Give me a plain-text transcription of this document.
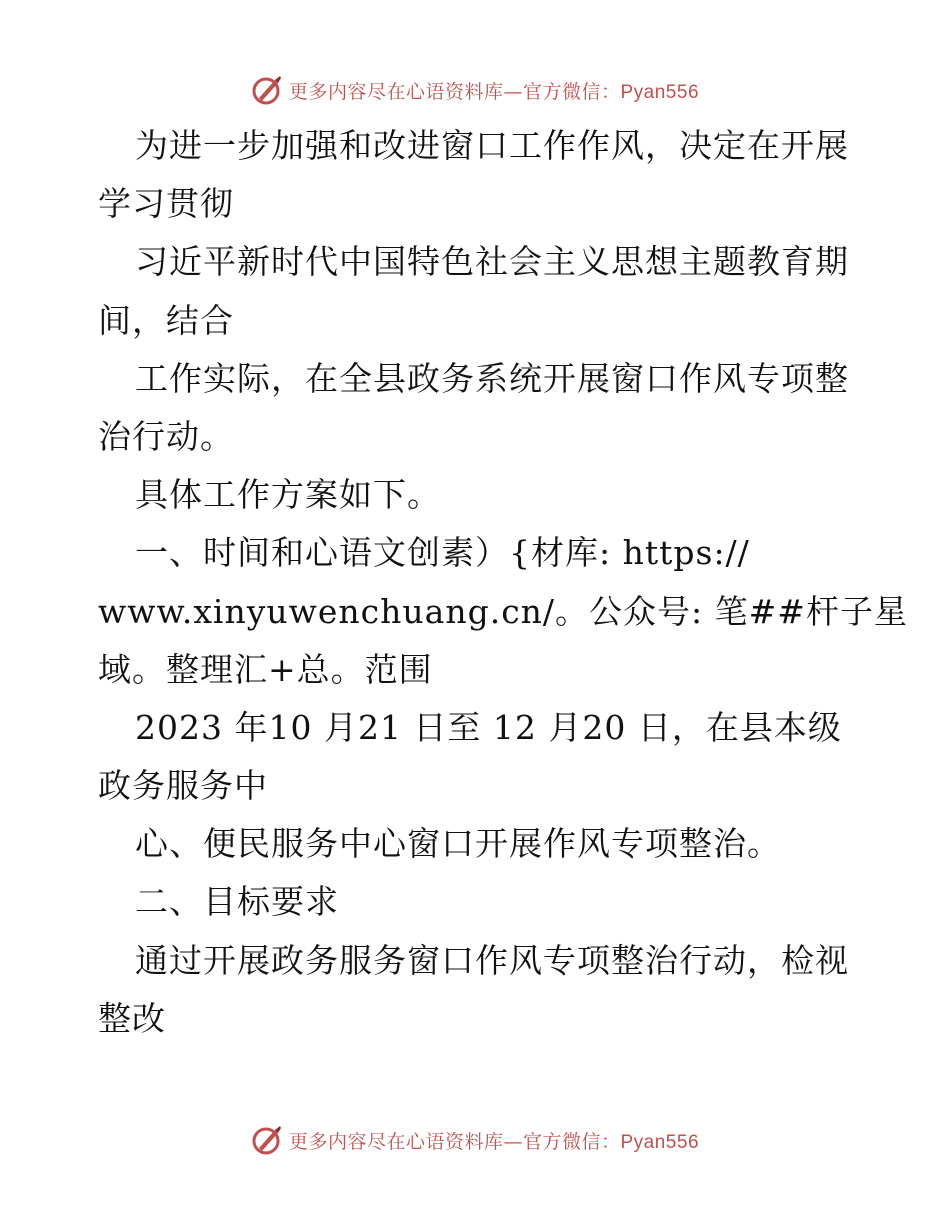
更多内容尽在心语资料库—官方微信：Pyan556
为进一步加强和改进窗口工作作风，决定在开展
学习贯彻
习近平新时代中国特色社会主义思想主题教育期
间，结合
工作实际，在全县政务系统开展窗口作风专项整
治行动。
具体工作方案如下。
一、时间和心语文创素）{材库: https://
www.xinyuwenchuang.cn/。公众号: 笔##杆子星
域。整理汇+总。范围
2023 年10 月21 日至 12 月20 日，在县本级
政务服务中
心、便民服务中心窗口开展作风专项整治。
二、目标要求
通过开展政务服务窗口作风专项整治行动，检视
整改
更多内容尽在心语资料库—官方微信：Pyan556
